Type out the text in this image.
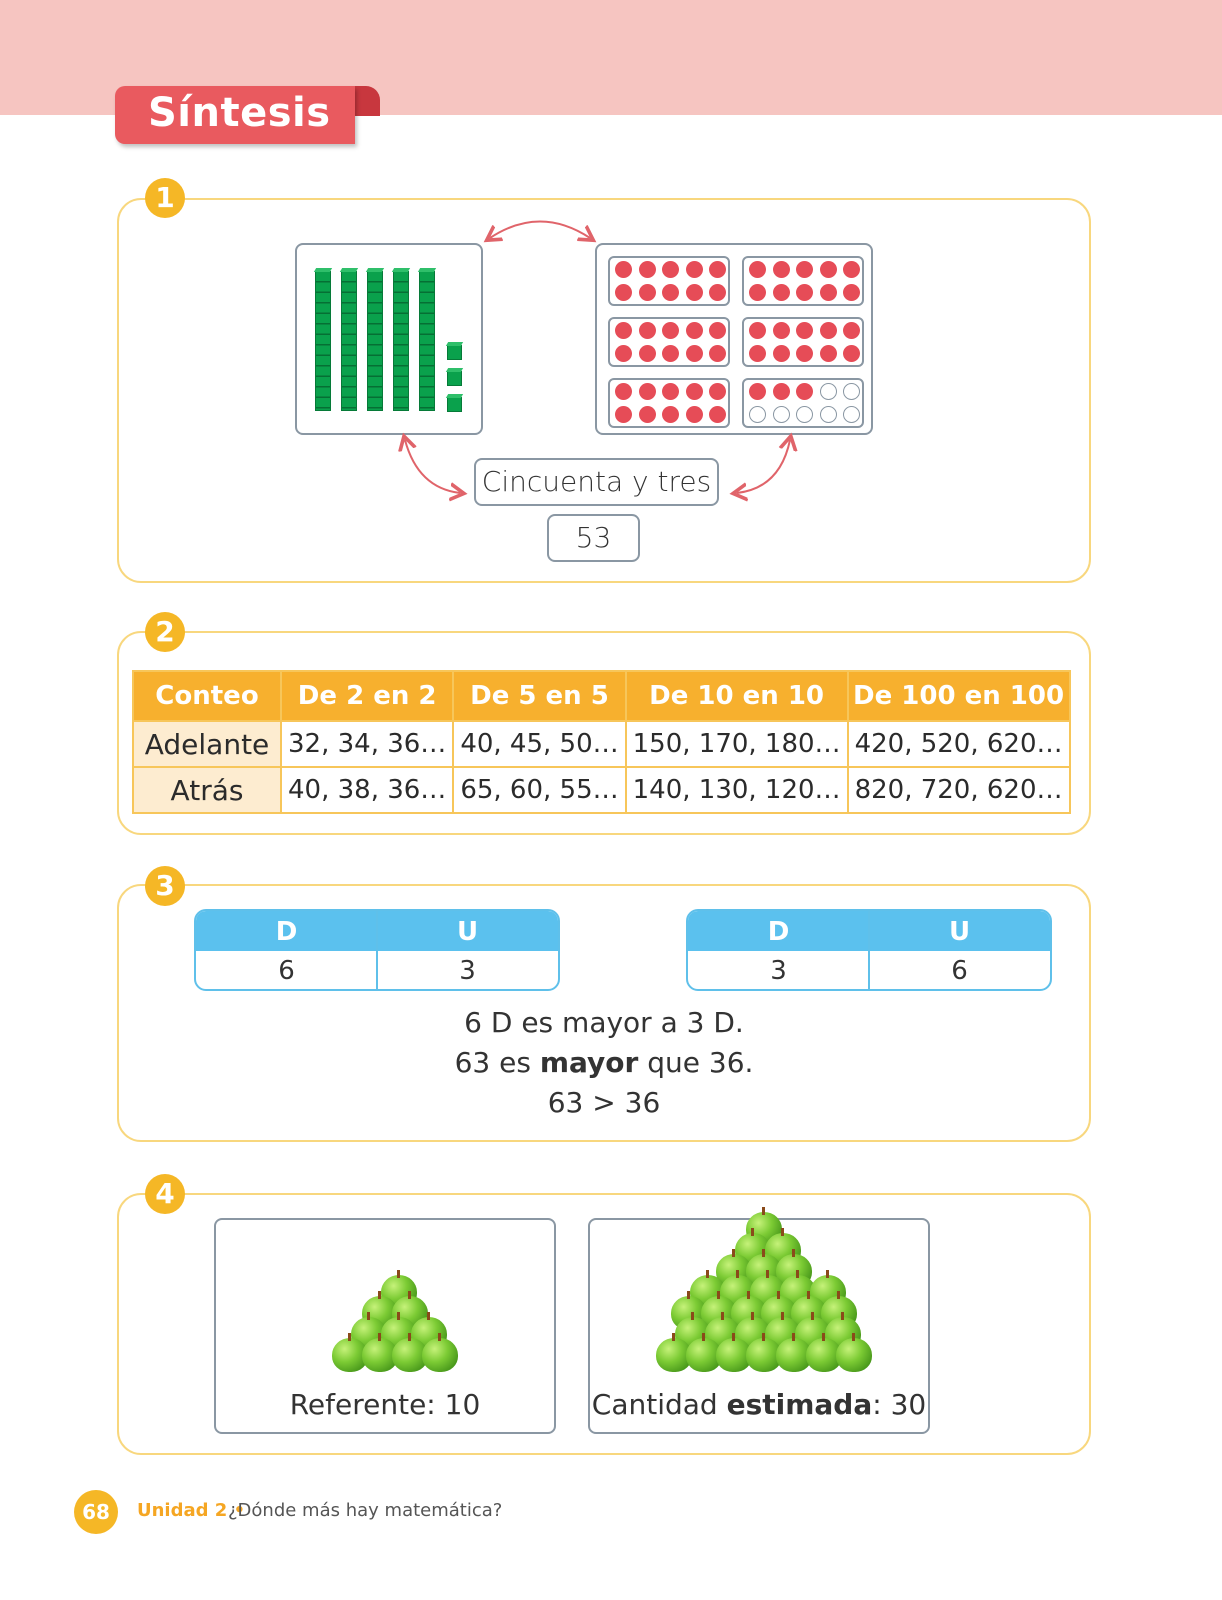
Síntesis
1
Cincuenta y tres
53
2
Conteo	De 2 en 2	De 5 en 5	De 10 en 10	De 100 en 100
Adelante	32, 34, 36…	40, 45, 50…	150, 170, 180…	420, 520, 620…
Atrás	40, 38, 36…	65, 60, 55…	140, 130, 120…	820, 720, 620…
3
D	U
6	3
D	U
3	6
6 D es mayor a 3 D.
63 es mayor que 36.
63 > 36
4
Referente: 10	Cantidad estimada: 30
68	Unidad 2 •
¿Dónde más hay matemática?
